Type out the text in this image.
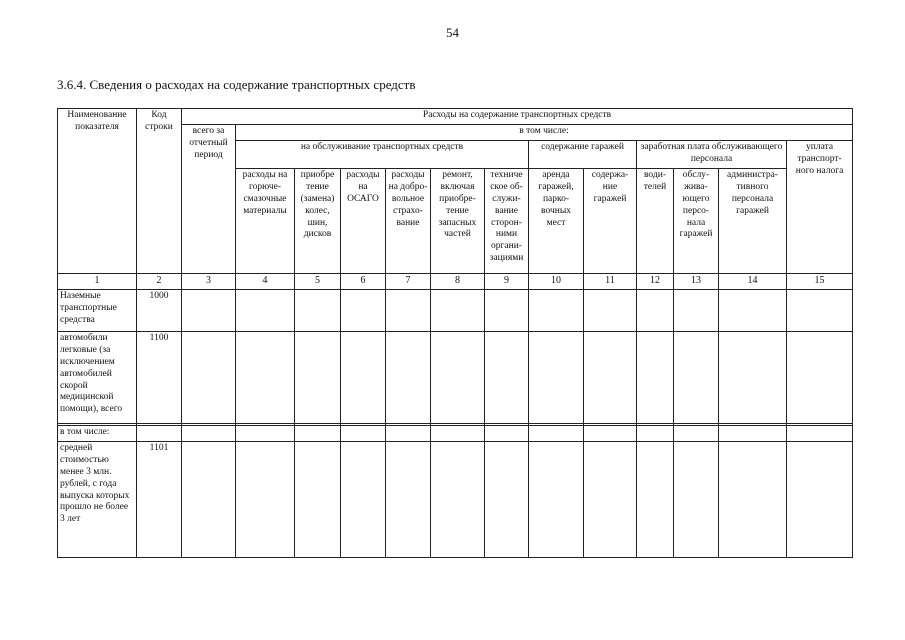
54
3.6.4. Сведения о расходах на содержание транспортных средств
Наименование показателя	Код строки	Расходы на содержание транспортных средств												
		всего за отчетный период	в том числе:											
			на обслуживание транспортных средств						содержание гаражей		заработная плата обслуживающего персонала			уплата транспорт-ного налога
			расходы на горюче-смазочные материалы	приобре тение (замена) колес, шин, дисков	расходы на ОСАГО	расходы на добро-вольное страхо-вание	ремонт, включая приобре-тение запасных частей	техниче ское об-служи-вание сторон-ними органи-зациями	аренда гаражей, парко-вочных мест	содержа-ние гаражей	води-телей	обслу-жива-ющего персо-нала гаражей	администра-тивного персонала гаражей	
1	2	3	4	5	6	7	8	9	10	11	12	13	14	15
Наземные транспортные средства	1000													
автомобили легковые (за исключением автомобилей скорой медицинской помощи), всего	1100													

в том числе:														
средней стоимостью менее 3 млн. рублей, с года выпуска которых прошло не более 3 лет	1101													
